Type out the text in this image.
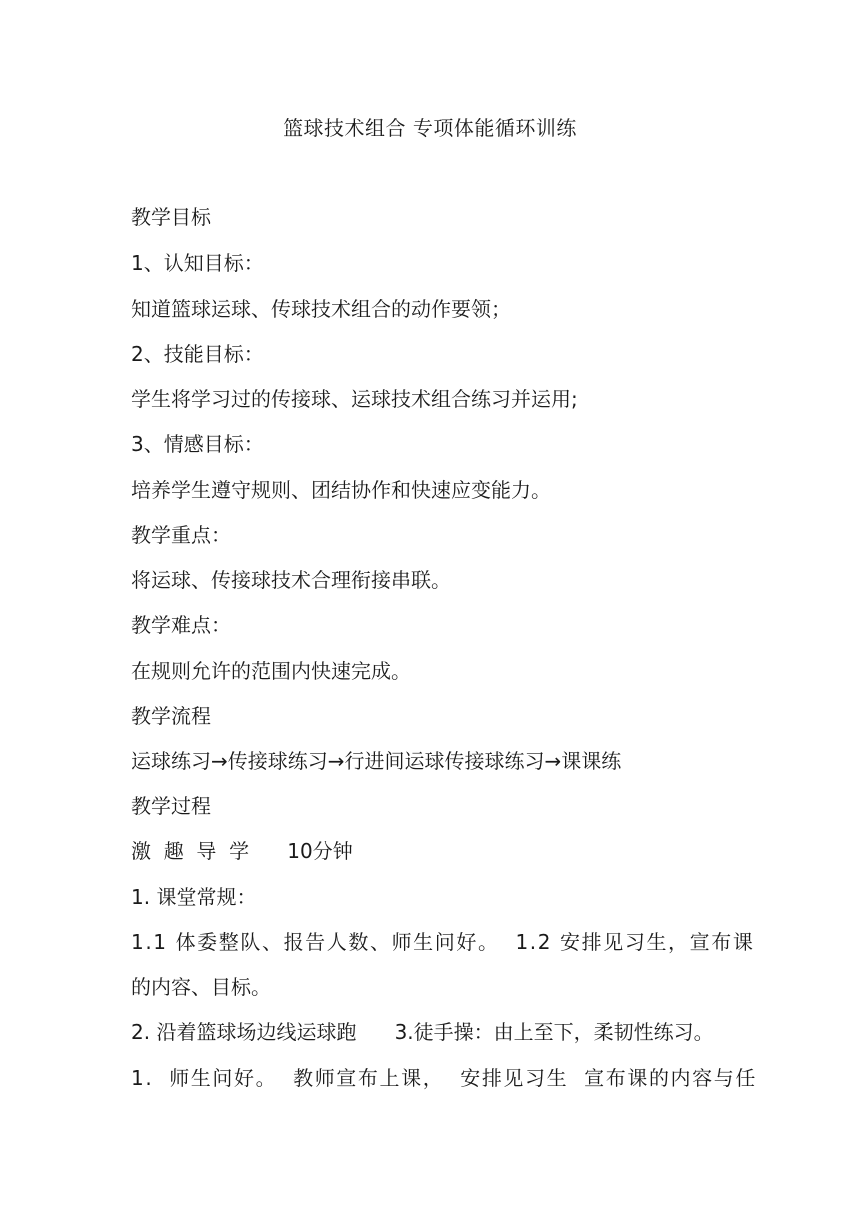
篮球技术组合 专项体能循环训练
教学目标
1、认知目标：
知道篮球运球、传球技术组合的动作要领；
2、技能目标：
学生将学习过的传接球、运球技术组合练习并运用;
3、情感目标：
培养学生遵守规则、团结协作和快速应变能力。
教学重点：
将运球、传接球技术合理衔接串联。
教学难点：
在规则允许的范围内快速完成。
教学流程
运球练习→传接球练习→行进间运球传接球练习→课课练
教学过程
激  趣  导  学      10分钟
1. 课堂常规：
1.1 体委整队、报告人数、师生问好。  1.2 安排见习生，宣布课
的内容、目标。
2. 沿着篮球场边线运球跑      3.徒手操：由上至下，柔韧性练习。
1.  师生问好。  教师宣布上课，  安排见习生  宣布课的内容与任
